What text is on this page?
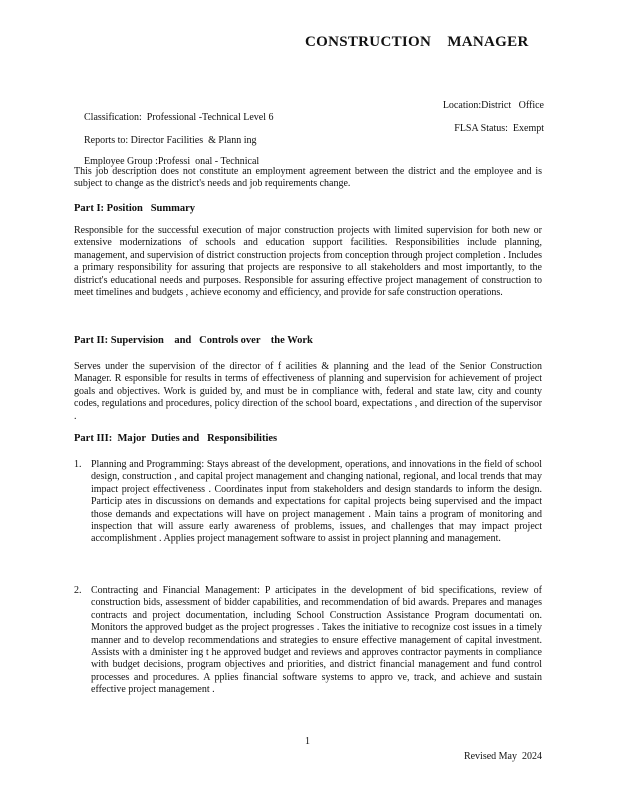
CONSTRUCTION    MANAGER

Classification:  Professional -Technical Level 6

Location:District   Office

Reports to: Director Facilities  & Plann ing

FLSA Status:  Exempt

Employee Group :Professi  onal - Technical

This job description does not constitute an employment agreement between the district and the employee and is subject to change as the district's needs and job requirements change.
Part I: Position   Summary
Responsible for the successful execution of major construction projects with limited supervision for both new or extensive modernizations of schools and education support facilities. Responsibilities include planning, management, and supervision of district construction projects from conception through project completion . Includes a primary responsibility for assuring that projects are responsive to all stakeholders and most importantly, to the district's educational needs and purposes. Responsible for assuring effective project management of construction to meet timelines and budgets , achieve economy and efficiency, and provide for safe construction operations.
Part II: Supervision    and   Controls over    the Work
Serves under the supervision of the director of f acilities & planning and the lead of the Senior Construction Manager. R esponsible for results in terms of effectiveness of planning and supervision for achievement of project goals and objectives. Work is guided by, and must be in compliance with, federal and state law, city and county codes, regulations and procedures, policy direction of the school board, expectations , and direction of the supervisor .
Part III:  Major  Duties and   Responsibilities
1. Planning and Programming: Stays abreast of the development, operations, and innovations in the field of school design, construction , and capital project management and changing national, regional, and local trends that may impact project effectiveness . Coordinates input from stakeholders and design standards to inform the design. Particip ates in discussions on demands and expectations for capital projects being supervised and the impact those demands and expectations will have on project management . Main tains a program of monitoring and inspection that will assure early awareness of problems, issues, and challenges that may impact project accomplishment . Applies project management software to assist in project planning and management.
2. Contracting and Financial Management: P articipates in the development of bid specifications, review of construction bids, assessment of bidder capabilities, and recommendation of bid awards. Prepares and manages contracts and project documentation, including School Construction Assistance Program documentati on. Monitors the approved budget as the project progresses . Takes the initiative to recognize cost issues in a timely manner and to develop recommendations and strategies to ensure effective management of capital investment. Assists with a dminister ing t he approved budget and reviews and approves contractor payments in compliance with budget decisions, program objectives and priorities, and district financial management and fund control processes and procedures. A pplies financial software systems to appro ve, track, and achieve and sustain effective project management .
1
Revised May  2024
